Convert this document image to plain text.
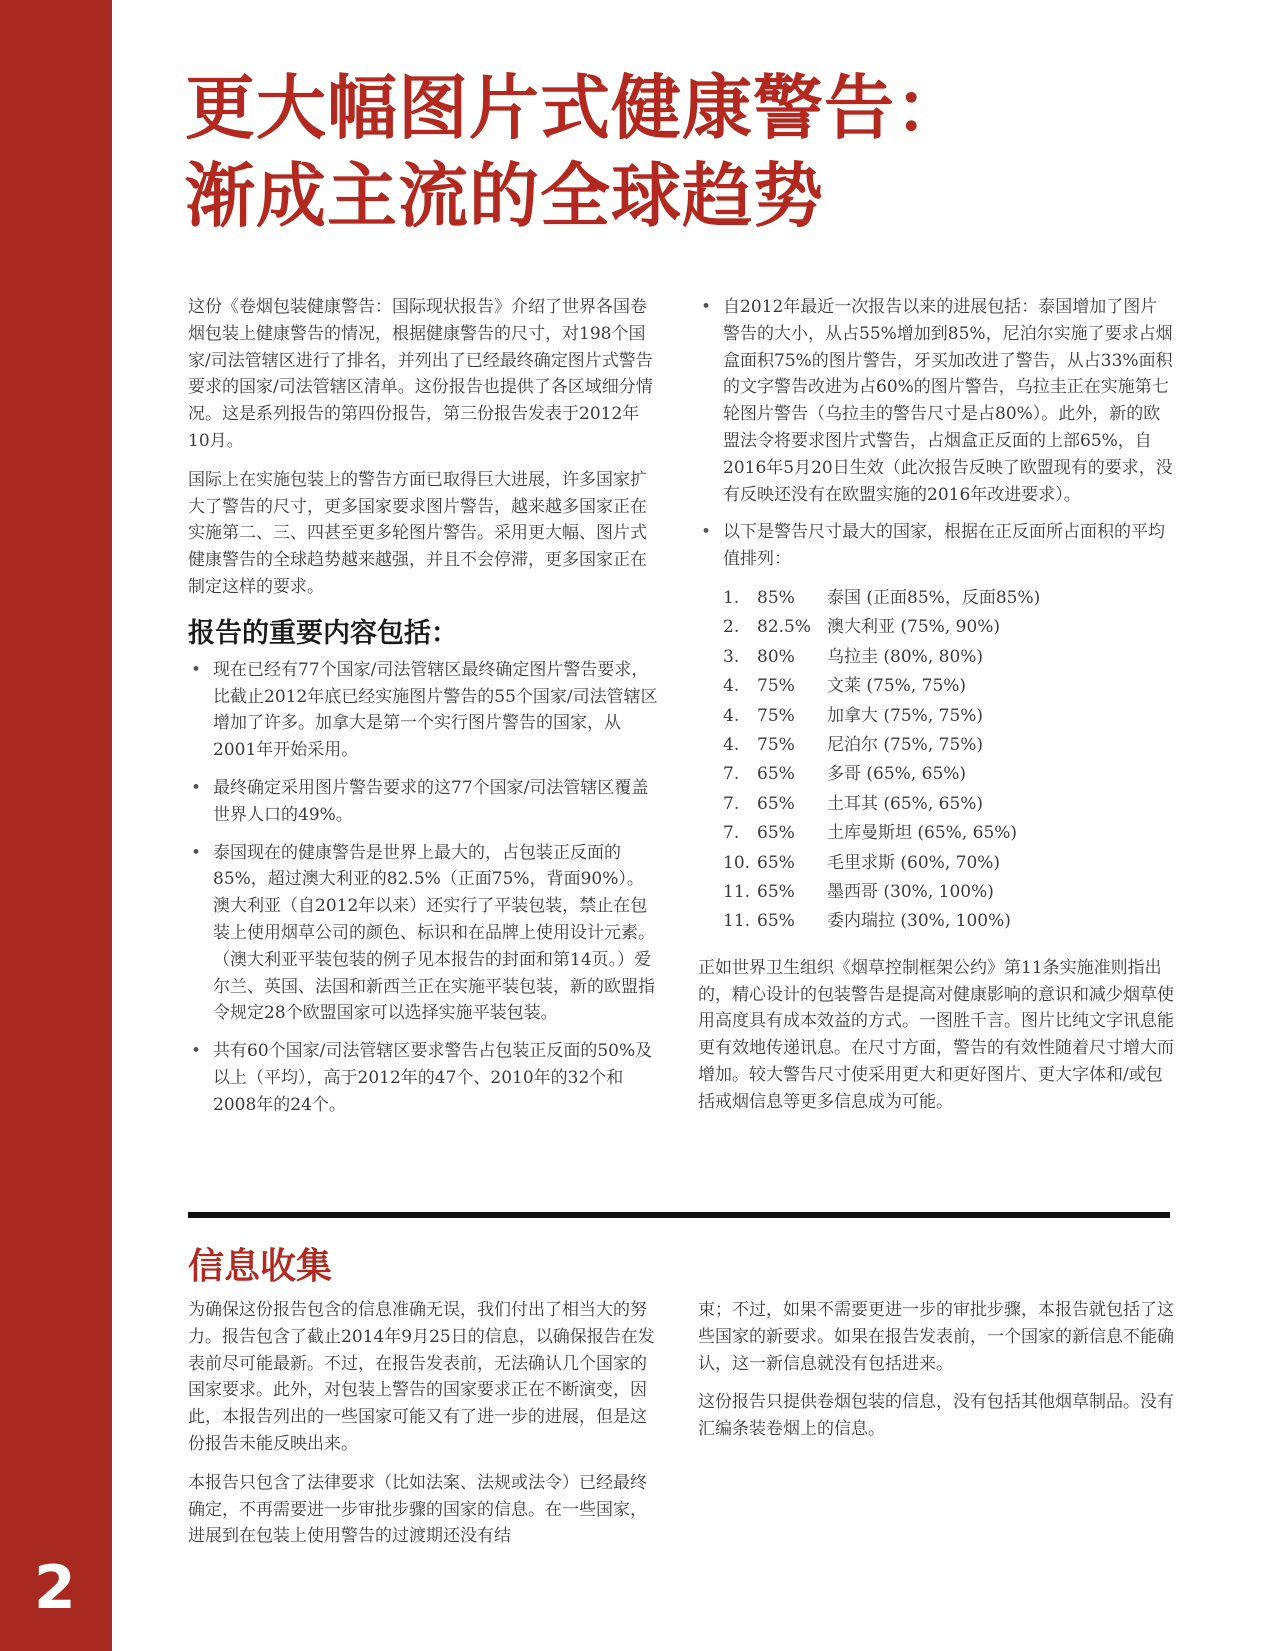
2
更大幅图片式健康警告：
渐成主流的全球趋势

这份《卷烟包装健康警告：国际现状报告》介绍了世界各国卷烟包装上健康警告的情况，根据健康警告的尺寸，对198个国家/司法管辖区进行了排名，并列出了已经最终确定图片式警告要求的国家/司法管辖区清单。这份报告也提供了各区域细分情况。这是系列报告的第四份报告，第三份报告发表于2012年10月。

国际上在实施包装上的警告方面已取得巨大进展，许多国家扩大了警告的尺寸，更多国家要求图片警告，越来越多国家正在实施第二、三、四甚至更多轮图片警告。采用更大幅、图片式健康警告的全球趋势越来越强，并且不会停滞，更多国家正在制定这样的要求。

报告的重要内容包括：
• 现在已经有77个国家/司法管辖区最终确定图片警告要求，比截止2012年底已经实施图片警告的55个国家/司法管辖区增加了许多。加拿大是第一个实行图片警告的国家，从2001年开始采用。
• 最终确定采用图片警告要求的这77个国家/司法管辖区覆盖世界人口的49%。
• 泰国现在的健康警告是世界上最大的，占包装正反面的85%，超过澳大利亚的82.5%（正面75%，背面90%）。澳大利亚（自2012年以来）还实行了平装包装，禁止在包装上使用烟草公司的颜色、标识和在品牌上使用设计元素。（澳大利亚平装包装的例子见本报告的封面和第14页。）爱尔兰、英国、法国和新西兰正在实施平装包装，新的欧盟指令规定28个欧盟国家可以选择实施平装包装。
• 共有60个国家/司法管辖区要求警告占包装正反面的50%及以上（平均），高于2012年的47个、2010年的32个和2008年的24个。
• 自2012年最近一次报告以来的进展包括：泰国增加了图片警告的大小，从占55%增加到85%，尼泊尔实施了要求占烟盒面积75%的图片警告，牙买加改进了警告，从占33%面积的文字警告改进为占60%的图片警告，乌拉圭正在实施第七轮图片警告（乌拉圭的警告尺寸是占80%）。此外，新的欧盟法令将要求图片式警告，占烟盒正反面的上部65%，自2016年5月20日生效（此次报告反映了欧盟现有的要求，没有反映还没有在欧盟实施的2016年改进要求）。
• 以下是警告尺寸最大的国家，根据在正反面所占面积的平均值排列：
1.	85%	泰国 (正面85%，反面85%)
2.	82.5% 澳大利亚 (75%, 90%)
3.	80%	乌拉圭 (80%, 80%)
4.	75%	文莱 (75%, 75%)
4.	75%	加拿大 (75%, 75%)
4.	75%	尼泊尔 (75%, 75%)
7.	65%	多哥 (65%, 65%)
7.	65%	土耳其 (65%, 65%)
7.	65%	土库曼斯坦 (65%, 65%)
10. 65%	毛里求斯 (60%, 70%)
11. 65%	墨西哥 (30%, 100%)
11. 65%	委内瑞拉 (30%, 100%)

正如世界卫生组织《烟草控制框架公约》第11条实施准则指出的，精心设计的包装警告是提高对健康影响的意识和减少烟草使用高度具有成本效益的方式。一图胜千言。图片比纯文字讯息能更有效地传递讯息。在尺寸方面，警告的有效性随着尺寸增大而增加。较大警告尺寸使采用更大和更好图片、更大字体和/或包括戒烟信息等更多信息成为可能。

信息收集

为确保这份报告包含的信息准确无误，我们付出了相当大的努力。报告包含了截止2014年9月25日的信息，以确保报告在发表前尽可能最新。不过，在报告发表前，无法确认几个国家的国家要求。此外，对包装上警告的国家要求正在不断演变，因此，本报告列出的一些国家可能又有了进一步的进展，但是这份报告未能反映出来。

本报告只包含了法律要求（比如法案、法规或法令）已经最终确定，不再需要进一步审批步骤的国家的信息。在一些国家，进展到在包装上使用警告的过渡期还没有结

束；不过，如果不需要更进一步的审批步骤，本报告就包括了这些国家的新要求。如果在报告发表前，一个国家的新信息不能确认，这一新信息就没有包括进来。

这份报告只提供卷烟包装的信息，没有包括其他烟草制品。没有汇编条装卷烟上的信息。
